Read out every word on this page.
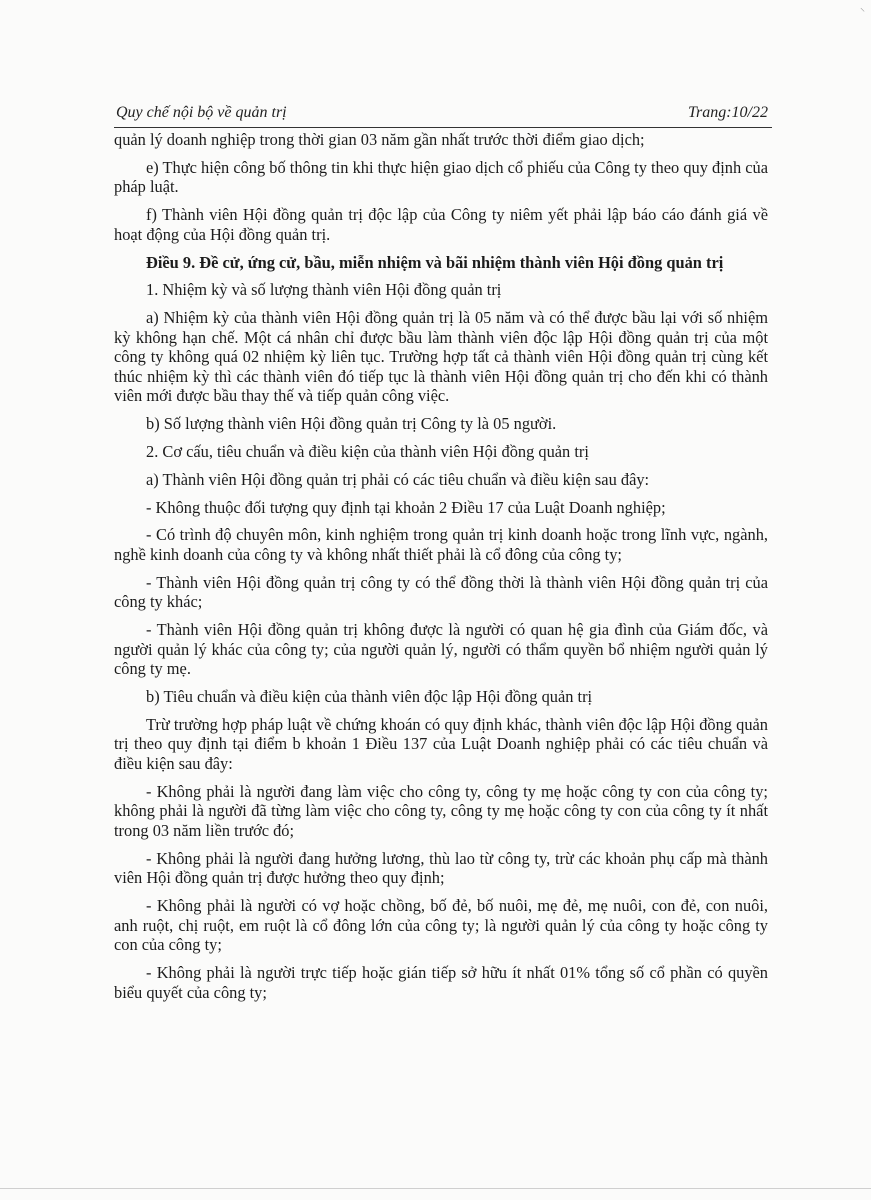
⸌
Quy chế nội bộ về quản trị	Trang:10/22

quản lý doanh nghiệp trong thời gian 03 năm gần nhất trước thời điểm giao dịch;

e) Thực hiện công bố thông tin khi thực hiện giao dịch cổ phiếu của Công ty theo quy định của pháp luật.

f) Thành viên Hội đồng quản trị độc lập của Công ty niêm yết phải lập báo cáo đánh giá về hoạt động của Hội đồng quản trị.

Điều 9. Đề cử, ứng cử, bầu, miễn nhiệm và bãi nhiệm thành viên Hội đồng quản trị

1. Nhiệm kỳ và số lượng thành viên Hội đồng quản trị

a) Nhiệm kỳ của thành viên Hội đồng quản trị là 05 năm và có thể được bầu lại với số nhiệm kỳ không hạn chế. Một cá nhân chỉ được bầu làm thành viên độc lập Hội đồng quản trị của một công ty không quá 02 nhiệm kỳ liên tục. Trường hợp tất cả thành viên Hội đồng quản trị cùng kết thúc nhiệm kỳ thì các thành viên đó tiếp tục là thành viên Hội đồng quản trị cho đến khi có thành viên mới được bầu thay thế và tiếp quản công việc.

b) Số lượng thành viên Hội đồng quản trị Công ty là 05 người.

2. Cơ cấu, tiêu chuẩn và điều kiện của thành viên Hội đồng quản trị

a) Thành viên Hội đồng quản trị phải có các tiêu chuẩn và điều kiện sau đây:

- Không thuộc đối tượng quy định tại khoản 2 Điều 17 của Luật Doanh nghiệp;

- Có trình độ chuyên môn, kinh nghiệm trong quản trị kinh doanh hoặc trong lĩnh vực, ngành, nghề kinh doanh của công ty và không nhất thiết phải là cổ đông của công ty;

- Thành viên Hội đồng quản trị công ty có thể đồng thời là thành viên Hội đồng quản trị của công ty khác;

- Thành viên Hội đồng quản trị không được là người có quan hệ gia đình của Giám đốc, và người quản lý khác của công ty; của người quản lý, người có thẩm quyền bổ nhiệm người quản lý công ty mẹ.

b) Tiêu chuẩn và điều kiện của thành viên độc lập Hội đồng quản trị

Trừ trường hợp pháp luật về chứng khoán có quy định khác, thành viên độc lập Hội đồng quản trị theo quy định tại điểm b khoản 1 Điều 137 của Luật Doanh nghiệp phải có các tiêu chuẩn và điều kiện sau đây:

- Không phải là người đang làm việc cho công ty, công ty mẹ hoặc công ty con của công ty; không phải là người đã từng làm việc cho công ty, công ty mẹ hoặc công ty con của công ty ít nhất trong 03 năm liền trước đó;

- Không phải là người đang hưởng lương, thù lao từ công ty, trừ các khoản phụ cấp mà thành viên Hội đồng quản trị được hưởng theo quy định;

- Không phải là người có vợ hoặc chồng, bố đẻ, bố nuôi, mẹ đẻ, mẹ nuôi, con đẻ, con nuôi, anh ruột, chị ruột, em ruột là cổ đông lớn của công ty; là người quản lý của công ty hoặc công ty con của công ty;

- Không phải là người trực tiếp hoặc gián tiếp sở hữu ít nhất 01% tổng số cổ phần có quyền biểu quyết của công ty;
